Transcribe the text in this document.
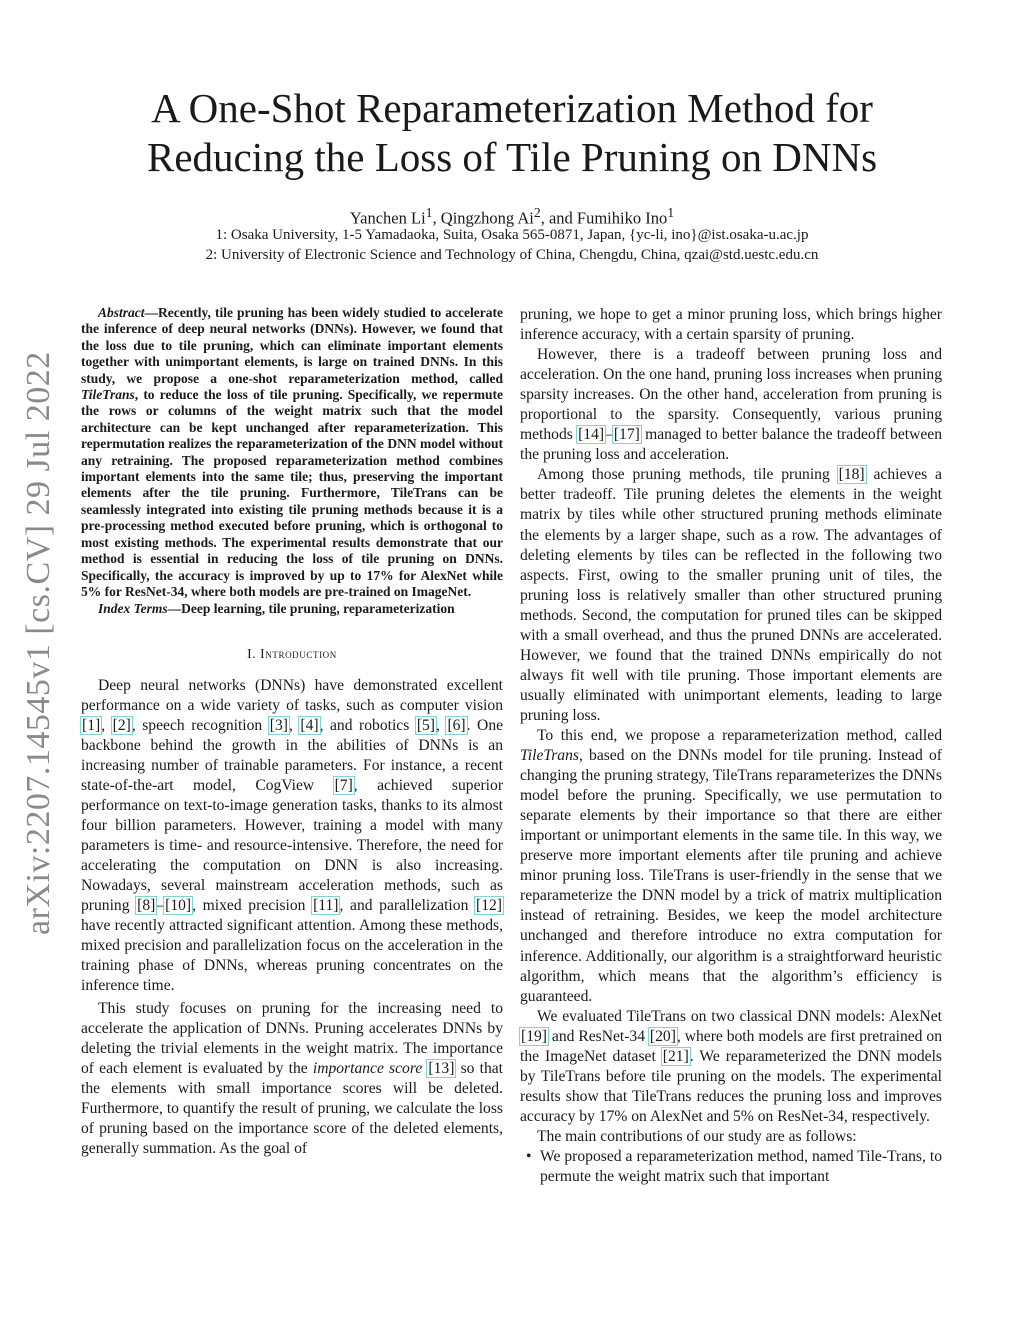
arXiv:2207.14545v1 [cs.CV] 29 Jul 2022
A One-Shot Reparameterization Method for
Reducing the Loss of Tile Pruning on DNNs
Yanchen Li$^1$, Qingzhong Ai$^2$, and Fumihiko Ino$^1$
1: Osaka University, 1-5 Yamadaoka, Suita, Osaka 565-0871, Japan, {yc-li, ino}@ist.osaka-u.ac.jp
2: University of Electronic Science and Technology of China, Chengdu, China, qzai@std.uestc.edu.cn

Abstract—Recently, tile pruning has been widely studied to accelerate the inference of deep neural networks (DNNs). However, we found that the loss due to tile pruning, which can eliminate important elements together with unimportant elements, is large on trained DNNs. In this study, we propose a one-shot reparameterization method, called TileTrans, to reduce the loss of tile pruning. Specifically, we repermute the rows or columns of the weight matrix such that the model architecture can be kept unchanged after reparameterization. This repermutation realizes the reparameterization of the DNN model without any retraining. The proposed reparameterization method combines important elements into the same tile; thus, preserving the important elements after the tile pruning. Furthermore, TileTrans can be seamlessly integrated into existing tile pruning methods because it is a pre-processing method executed before pruning, which is orthogonal to most existing methods. The experimental results demonstrate that our method is essential in reducing the loss of tile pruning on DNNs. Specifically, the accuracy is improved by up to 17% for AlexNet while 5% for ResNet-34, where both models are pre-trained on ImageNet.

Index Terms—Deep learning, tile pruning, reparameterization

I. Introduction

Deep neural networks (DNNs) have demonstrated excellent performance on a wide variety of tasks, such as computer vision [1], [2], speech recognition [3], [4], and robotics [5], [6]. One backbone behind the growth in the abilities of DNNs is an increasing number of trainable parameters. For instance, a recent state-of-the-art model, CogView [7], achieved superior performance on text-to-image generation tasks, thanks to its almost four billion parameters. However, training a model with many parameters is time- and resource-intensive. Therefore, the need for accelerating the computation on DNN is also increasing. Nowadays, several mainstream acceleration methods, such as pruning [8]–[10], mixed precision [11], and parallelization [12] have recently attracted significant attention. Among these methods, mixed precision and parallelization focus on the acceleration in the training phase of DNNs, whereas pruning concentrates on the inference time.

This study focuses on pruning for the increasing need to accelerate the application of DNNs. Pruning accelerates DNNs by deleting the trivial elements in the weight matrix. The importance of each element is evaluated by the importance score [13] so that the elements with small importance scores will be deleted. Furthermore, to quantify the result of pruning, we calculate the loss of pruning based on the importance score of the deleted elements, generally summation. As the goal of

pruning, we hope to get a minor pruning loss, which brings higher inference accuracy, with a certain sparsity of pruning.

However, there is a tradeoff between pruning loss and acceleration. On the one hand, pruning loss increases when pruning sparsity increases. On the other hand, acceleration from pruning is proportional to the sparsity. Consequently, various pruning methods [14]–[17] managed to better balance the tradeoff between the pruning loss and acceleration.

Among those pruning methods, tile pruning [18] achieves a better tradeoff. Tile pruning deletes the elements in the weight matrix by tiles while other structured pruning methods eliminate the elements by a larger shape, such as a row. The advantages of deleting elements by tiles can be reflected in the following two aspects. First, owing to the smaller pruning unit of tiles, the pruning loss is relatively smaller than other structured pruning methods. Second, the computation for pruned tiles can be skipped with a small overhead, and thus the pruned DNNs are accelerated. However, we found that the trained DNNs empirically do not always fit well with tile pruning. Those important elements are usually eliminated with unimportant elements, leading to large pruning loss.

To this end, we propose a reparameterization method, called TileTrans, based on the DNNs model for tile pruning. Instead of changing the pruning strategy, TileTrans reparameterizes the DNNs model before the pruning. Specifically, we use permutation to separate elements by their importance so that there are either important or unimportant elements in the same tile. In this way, we preserve more important elements after tile pruning and achieve minor pruning loss. TileTrans is user-friendly in the sense that we reparameterize the DNN model by a trick of matrix multiplication instead of retraining. Besides, we keep the model architecture unchanged and therefore introduce no extra computation for inference. Additionally, our algorithm is a straightforward heuristic algorithm, which means that the algorithm’s efficiency is guaranteed.

We evaluated TileTrans on two classical DNN models: AlexNet [19] and ResNet-34 [20], where both models are first pretrained on the ImageNet dataset [21]. We reparameterized the DNN models by TileTrans before tile pruning on the models. The experimental results show that TileTrans reduces the pruning loss and improves accuracy by 17% on AlexNet and 5% on ResNet-34, respectively.

The main contributions of our study are as follows:

• We proposed a reparameterization method, named Tile-Trans, to permute the weight matrix such that important
